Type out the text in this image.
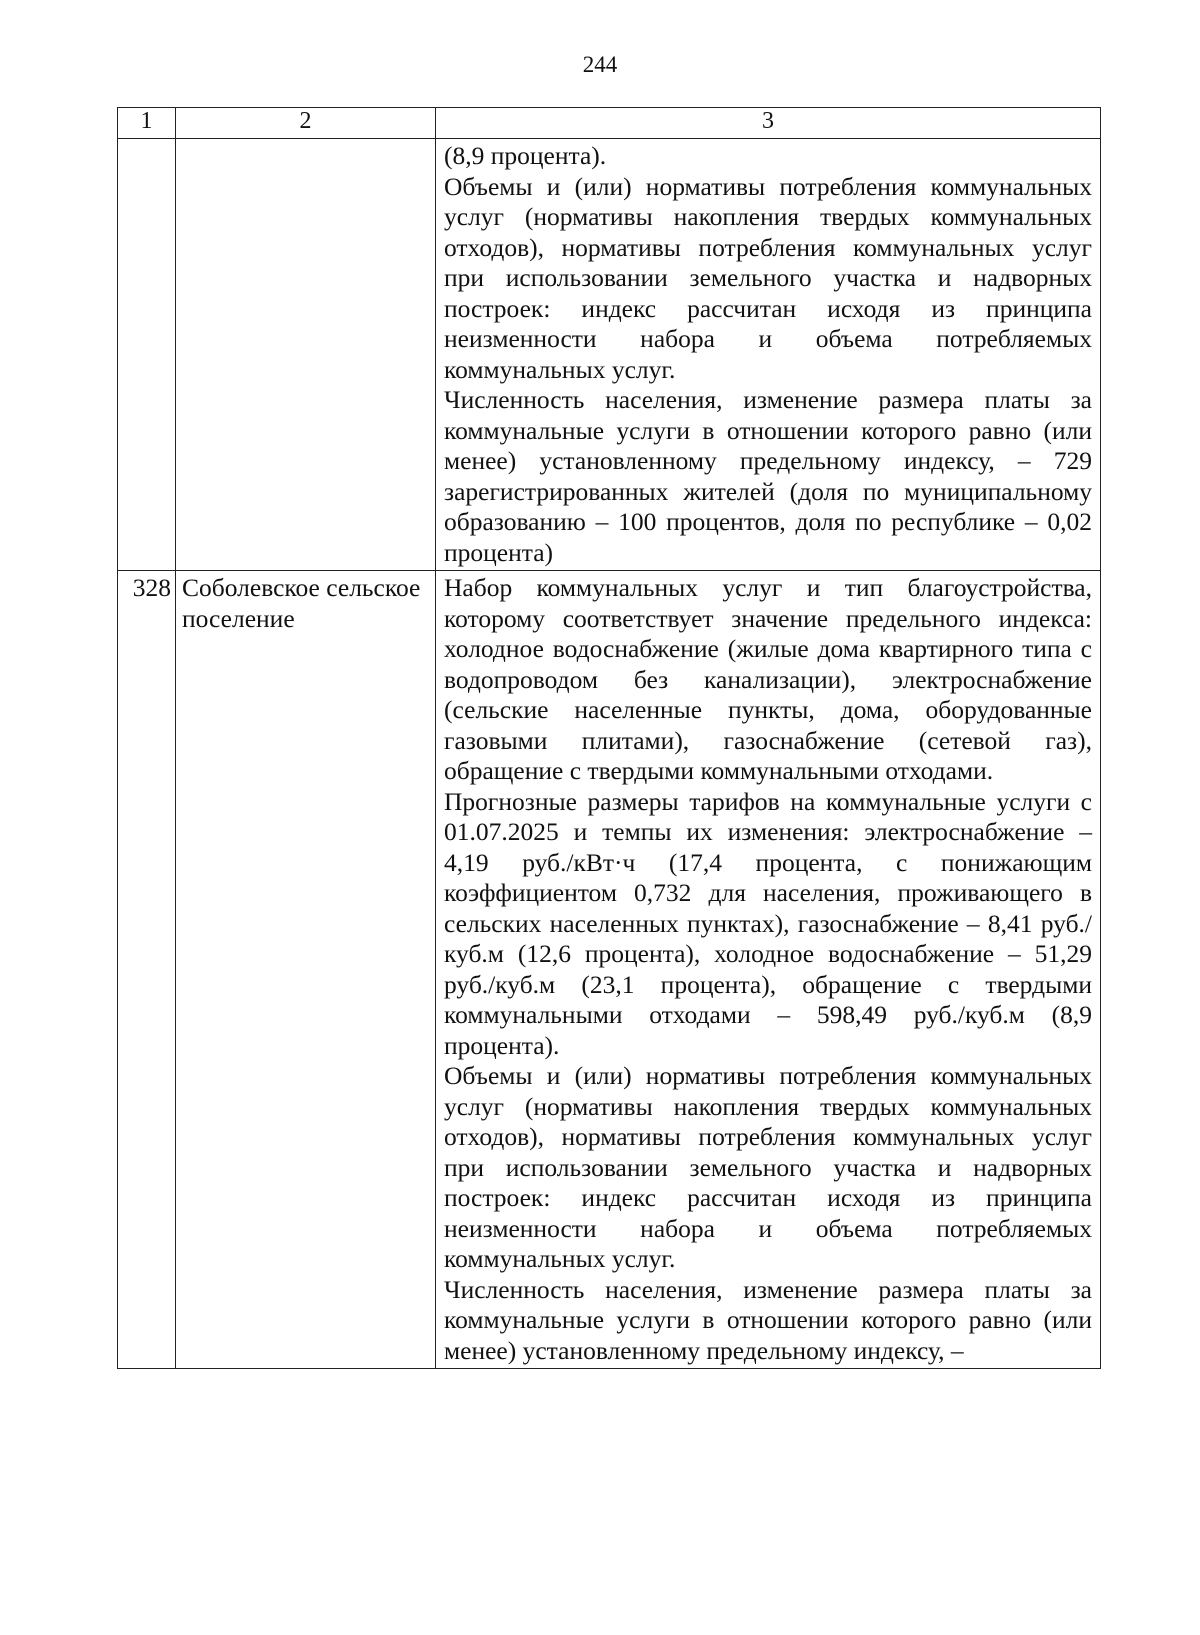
244
1	2	3

		(8,9 процента).

Объемы и (или) нормативы потребления коммунальных услуг (нормативы накопления твердых коммунальных отходов), нормативы потребления коммунальных услуг при использовании земельного участка и надворных построек: индекс рассчитан исходя из принципа неизменности набора и объема потребляемых коммунальных услуг.

Численность населения, изменение размера платы за коммунальные услуги в отношении которого равно (или менее) установленному предельному индексу, – 729 зарегистрированных жителей (доля по муниципальному образованию – 100 процентов, доля по республике – 0,02 процента)

328	Соболевское сельское поселение	Набор коммунальных услуг и тип благоустройства, которому соответствует значение предельного индекса: холодное водоснабжение (жилые дома квартирного типа с водопроводом без канализации), электроснабжение (сельские населенные пункты, дома, оборудованные газовыми плитами), газоснабжение (сетевой газ), обращение с твердыми коммунальными отходами.

Прогнозные размеры тарифов на коммунальные услуги с 01.07.2025 и темпы их изменения: электроснабжение – 4,19 руб./кВт·ч (17,4 процента, с понижающим коэффициентом 0,732 для населения, проживающего в сельских населенных пунктах), газоснабжение – 8,41 руб./куб.м (12,6 процента), холодное водоснабжение – 51,29 руб./куб.м (23,1 процента), обращение с твердыми коммунальными отходами – 598,49 руб./куб.м (8,9 процента).

Объемы и (или) нормативы потребления коммунальных услуг (нормативы накопления твердых коммунальных отходов), нормативы потребления коммунальных услуг при использовании земельного участка и надворных построек: индекс рассчитан исходя из принципа неизменности набора и объема потребляемых коммунальных услуг.

Численность населения, изменение размера платы за коммунальные услуги в отношении которого равно (или менее) установленному предельному индексу, –
